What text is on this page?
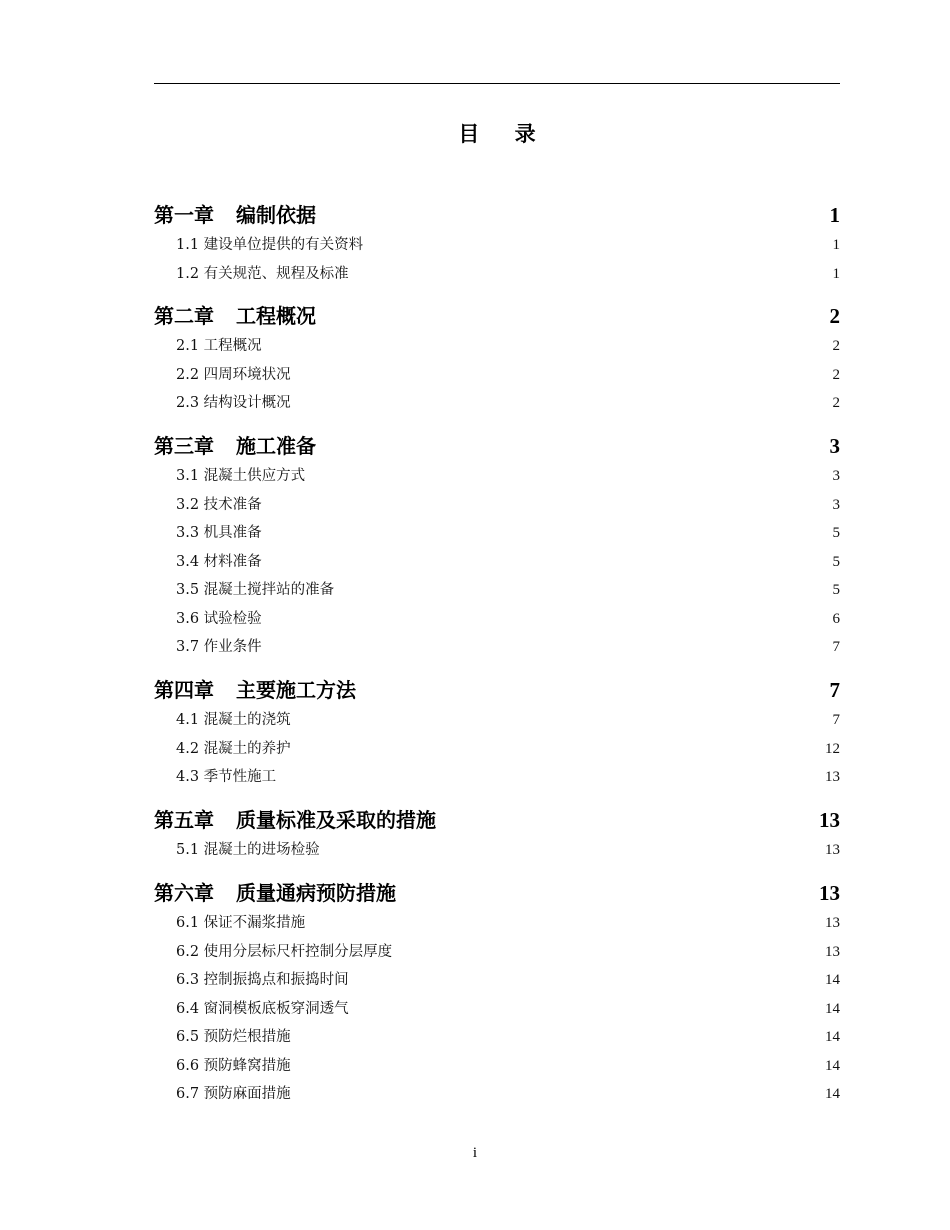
目 录
第一章 编制依据	1
1.1 建设单位提供的有关资料	1
1.2 有关规范、规程及标准	1
第二章 工程概况	2
2.1 工程概况	2
2.2 四周环境状况	2
2.3 结构设计概况	2
第三章 施工准备	3
3.1 混凝土供应方式	3
3.2 技术准备	3
3.3 机具准备	5
3.4 材料准备	5
3.5 混凝土搅拌站的准备	5
3.6 试验检验	6
3.7 作业条件	7
第四章 主要施工方法	7
4.1 混凝土的浇筑	7
4.2 混凝土的养护	12
4.3 季节性施工	13
第五章 质量标准及采取的措施	13
5.1 混凝土的进场检验	13
第六章 质量通病预防措施	13
6.1 保证不漏浆措施	13
6.2 使用分层标尺杆控制分层厚度	13
6.3 控制振捣点和振捣时间	14
6.4 窗洞模板底板穿洞透气	14
6.5 预防烂根措施	14
6.6 预防蜂窝措施	14
6.7 预防麻面措施	14
i
